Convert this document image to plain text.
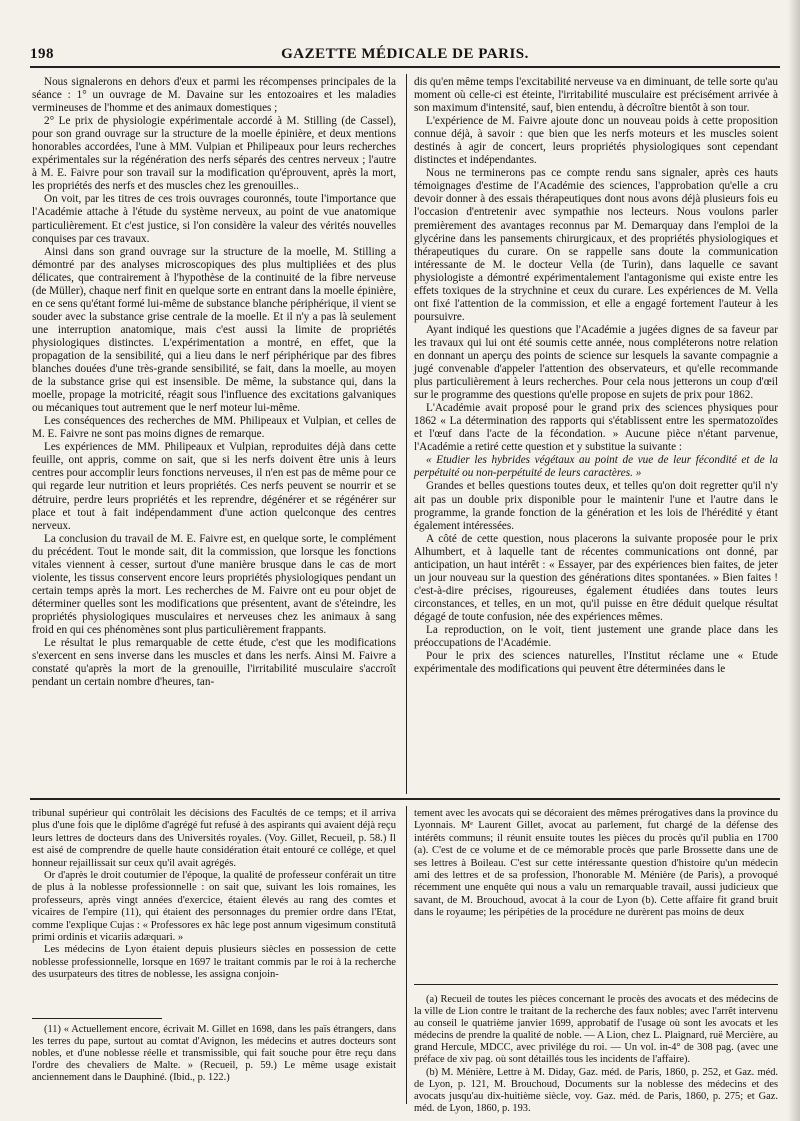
198	GAZETTE MÉDICALE DE PARIS.

Nous signalerons en dehors d'eux et parmi les récompenses principales de la séance : 1° un ouvrage de M. Davaine sur les entozoaires et les maladies vermineuses de l'homme et des animaux domestiques ;

2° Le prix de physiologie expérimentale accordé à M. Stilling (de Cassel), pour son grand ouvrage sur la structure de la moelle épinière, et deux mentions honorables accordées, l'une à MM. Vulpian et Philipeaux pour leurs recherches expérimentales sur la régénération des nerfs séparés des centres nerveux ; l'autre à M. E. Faivre pour son travail sur la modification qu'éprouvent, après la mort, les propriétés des nerfs et des muscles chez les grenouilles..

On voit, par les titres de ces trois ouvrages couronnés, toute l'importance que l'Académie attache à l'étude du système nerveux, au point de vue anatomique particulièrement. Et c'est justice, si l'on considère la valeur des vérités nouvelles conquises par ces travaux.

Ainsi dans son grand ouvrage sur la structure de la moelle, M. Stilling a démontré par des analyses microscopiques des plus multipliées et des plus délicates, que contrairement à l'hypothèse de la continuité de la fibre nerveuse (de Müller), chaque nerf finit en quelque sorte en entrant dans la moelle épinière, en ce sens qu'étant formé lui-même de substance blanche périphérique, il vient se souder avec la substance grise centrale de la moelle. Et il n'y a pas là seulement une interruption anatomique, mais c'est aussi la limite de propriétés physiologiques distinctes. L'expérimentation a montré, en effet, que la propagation de la sensibilité, qui a lieu dans le nerf périphérique par des fibres blanches douées d'une très-grande sensibilité, se fait, dans la moelle, au moyen de la substance grise qui est insensible. De même, la substance qui, dans la moelle, propage la motricité, réagit sous l'influence des excitations galvaniques ou mécaniques tout autrement que le nerf moteur lui-même.

Les conséquences des recherches de MM. Philipeaux et Vulpian, et celles de M. E. Faivre ne sont pas moins dignes de remarque.

Les expériences de MM. Philipeaux et Vulpian, reproduites déjà dans cette feuille, ont appris, comme on sait, que si les nerfs doivent être unis à leurs centres pour accomplir leurs fonctions nerveuses, il n'en est pas de même pour ce qui regarde leur nutrition et leurs propriétés. Ces nerfs peuvent se nourrir et se détruire, perdre leurs propriétés et les reprendre, dégénérer et se régénérer sur place et tout à fait indépendamment d'une action quelconque des centres nerveux.

La conclusion du travail de M. E. Faivre est, en quelque sorte, le complément du précédent. Tout le monde sait, dit la commission, que lorsque les fonctions vitales viennent à cesser, surtout d'une manière brusque dans le cas de mort violente, les tissus conservent encore leurs propriétés physiologiques pendant un certain temps après la mort. Les recherches de M. Faivre ont eu pour objet de déterminer quelles sont les modifications que présentent, avant de s'éteindre, les propriétés physiologiques musculaires et nerveuses chez les animaux à sang froid en qui ces phénomènes sont plus particulièrement frappants.

Le résultat le plus remarquable de cette étude, c'est que les modifications s'exercent en sens inverse dans les muscles et dans les nerfs. Ainsi M. Faivre a constaté qu'après la mort de la grenouille, l'irritabilité musculaire s'accroît pendant un certain nombre d'heures, tan-

dis qu'en même temps l'excitabilité nerveuse va en diminuant, de telle sorte qu'au moment où celle-ci est éteinte, l'irritabilité musculaire est précisément arrivée à son maximum d'intensité, sauf, bien entendu, à décroître bientôt à son tour.

L'expérience de M. Faivre ajoute donc un nouveau poids à cette proposition connue déjà, à savoir : que bien que les nerfs moteurs et les muscles soient destinés à agir de concert, leurs propriétés physiologiques sont cependant distinctes et indépendantes.

Nous ne terminerons pas ce compte rendu sans signaler, après ces hauts témoignages d'estime de l'Académie des sciences, l'approbation qu'elle a cru devoir donner à des essais thérapeutiques dont nous avons déjà plusieurs fois eu l'occasion d'entretenir avec sympathie nos lecteurs. Nous voulons parler premièrement des avantages reconnus par M. Demarquay dans l'emploi de la glycérine dans les pansements chirurgicaux, et des propriétés physiologiques et thérapeutiques du curare. On se rappelle sans doute la communication intéressante de M. le docteur Vella (de Turin), dans laquelle ce savant physiologiste a démontré expérimentalement l'antagonisme qui existe entre les effets toxiques de la strychnine et ceux du curare. Les expériences de M. Vella ont fixé l'attention de la commission, et elle a engagé fortement l'auteur à les poursuivre.

Ayant indiqué les questions que l'Académie a jugées dignes de sa faveur par les travaux qui lui ont été soumis cette année, nous compléterons notre relation en donnant un aperçu des points de science sur lesquels la savante compagnie a jugé convenable d'appeler l'attention des observateurs, et qu'elle recommande plus particulièrement à leurs recherches. Pour cela nous jetterons un coup d'œil sur le programme des questions qu'elle propose en sujets de prix pour 1862.

L'Académie avait proposé pour le grand prix des sciences physiques pour 1862 « La détermination des rapports qui s'établissent entre les spermatozoïdes et l'œuf dans l'acte de la fécondation. » Aucune pièce n'étant parvenue, l'Académie a retiré cette question et y substitue la suivante :

« Etudier les hybrides végétaux au point de vue de leur fécondité et de la perpétuité ou non-perpétuité de leurs caractères. »

Grandes et belles questions toutes deux, et telles qu'on doit regretter qu'il n'y ait pas un double prix disponible pour le maintenir l'une et l'autre dans le programme, la grande fonction de la génération et les lois de l'hérédité y étant également intéressées.

A côté de cette question, nous placerons la suivante proposée pour le prix Alhumbert, et à laquelle tant de récentes communications ont donné, par anticipation, un haut intérêt : « Essayer, par des expériences bien faites, de jeter un jour nouveau sur la question des générations dites spontanées. » Bien faites ! c'est-à-dire précises, rigoureuses, également étudiées dans toutes leurs circonstances, et telles, en un mot, qu'il puisse en être déduit quelque résultat dégagé de toute confusion, née des expériences mêmes.

La reproduction, on le voit, tient justement une grande place dans les préoccupations de l'Académie.

Pour le prix des sciences naturelles, l'Institut réclame une « Etude expérimentale des modifications qui peuvent être déterminées dans le

tribunal supérieur qui contrôlait les décisions des Facultés de ce temps; et il arriva plus d'une fois que le diplôme d'agrégé fut refusé à des aspirants qui avaient déjà reçu leurs lettres de docteurs dans des Universités royales. (Voy. Gillet, Recueil, p. 58.) Il est aisé de comprendre de quelle haute considération était entouré ce collége, et quel honneur rejaillissait sur ceux qu'il avait agrégés.

Or d'après le droit coutumier de l'époque, la qualité de professeur conférait un titre de plus à la noblesse professionnelle : on sait que, suivant les lois romaines, les professeurs, après vingt années d'exercice, étaient élevés au rang des comtes et vicaires de l'empire (11), qui étaient des personnages du premier ordre dans l'Etat, comme l'explique Cujas : « Professores ex hâc lege post annum vigesimum constitutâ primi ordinis et vicariis adæquari. »

Les médecins de Lyon étaient depuis plusieurs siècles en possession de cette noblesse professionnelle, lorsque en 1697 le traitant commis par le roi à la recherche des usurpateurs des titres de noblesse, les assigna conjoin-

(11) « Actuellement encore, écrivait M. Gillet en 1698, dans les païs étrangers, dans les terres du pape, surtout au comtat d'Avignon, les médecins et autres docteurs sont nobles, et d'une noblesse réelle et transmissible, qui fait souche pour être reçu dans l'ordre des chevaliers de Malte. » (Recueil, p. 59.) Le même usage existait anciennement dans le Dauphiné. (Ibid., p. 122.)

tement avec les avocats qui se décoraient des mêmes prérogatives dans la province du Lyonnais. Mᵉ Laurent Gillet, avocat au parlement, fut chargé de la défense des intérêts communs; il réunit ensuite toutes les pièces du procès qu'il publia en 1700 (a). C'est de ce volume et de ce mémorable procès que parle Brossette dans une de ses lettres à Boileau. C'est sur cette intéressante question d'histoire qu'un médecin ami des lettres et de sa profession, l'honorable M. Ménière (de Paris), a provoqué récemment une enquête qui nous a valu un remarquable travail, aussi judicieux que savant, de M. Brouchoud, avocat à la cour de Lyon (b). Cette affaire fit grand bruit dans le royaume; les péripéties de la procédure ne durèrent pas moins de deux

(a) Recueil de toutes les pièces concernant le procès des avocats et des médecins de la ville de Lion contre le traitant de la recherche des faux nobles; avec l'arrêt intervenu au conseil le quatrième janvier 1699, approbatif de l'usage où sont les avocats et les médecins de prendre la qualité de noble. — A Lion, chez L. Plaignard, ruë Mercière, au grand Hercule, MDCC, avec privilége du roi. — Un vol. in-4° de 308 pag. (avec une préface de xiv pag. où sont détaillés tous les incidents de l'affaire).

(b) M. Ménière, Lettre à M. Diday, Gaz. méd. de Paris, 1860, p. 252, et Gaz. méd. de Lyon, p. 121, M. Brouchoud, Documents sur la noblesse des médecins et des avocats jusqu'au dix-huitième siècle, voy. Gaz. méd. de Paris, 1860, p. 275; et Gaz. méd. de Lyon, 1860, p. 193.
